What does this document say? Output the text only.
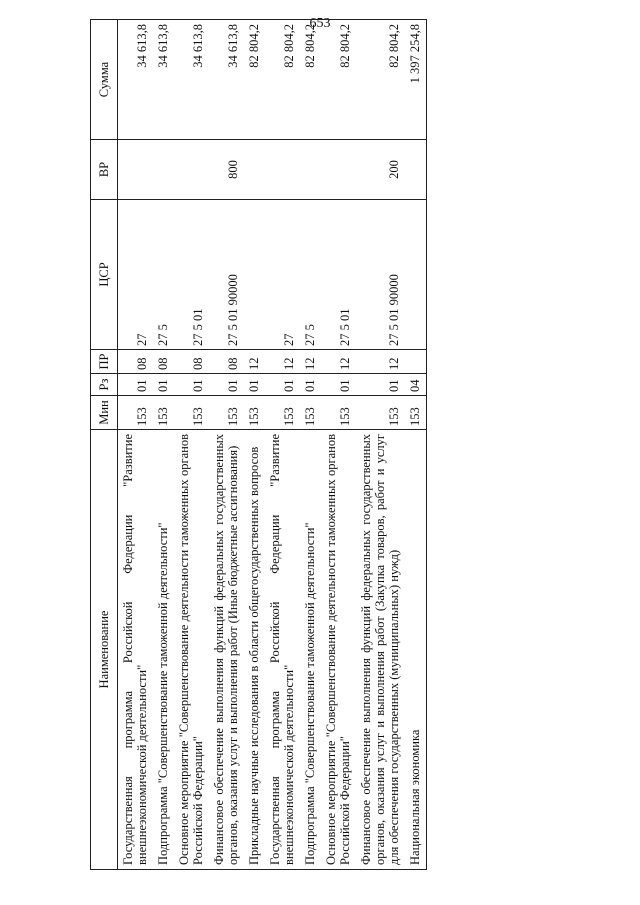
653
Наименование	Мин	Рз	ПР	ЦСР	ВР	Сумма
Государственная программа Российской Федерации "Развитие внешнеэкономической деятельности"	153	01	08	27		34 613,8
Подпрограмма "Совершенствование таможенной деятельности"	153	01	08	27 5		34 613,8
Основное мероприятие "Совершенствование деятельности таможенных органов Российской Федерации"	153	01	08	27 5 01		34 613,8
Финансовое обеспечение выполнения функций федеральных государственных органов, оказания услуг и выполнения работ (Иные бюджетные ассигнования)	153	01	08	27 5 01 90000	800	34 613,8
Прикладные научные исследования в области общегосударственных вопросов	153	01	12			82 804,2
Государственная программа Российской Федерации "Развитие внешнеэкономической деятельности"	153	01	12	27		82 804,2
Подпрограмма "Совершенствование таможенной деятельности"	153	01	12	27 5		82 804,2
Основное мероприятие "Совершенствование деятельности таможенных органов Российской Федерации"	153	01	12	27 5 01		82 804,2
Финансовое обеспечение выполнения функций федеральных государственных органов, оказания услуг и выполнения работ (Закупка товаров, работ и услуг для обеспечения государственных (муниципальных) нужд)	153	01	12	27 5 01 90000	200	82 804,2
Национальная экономика	153	04				1 397 254,8
